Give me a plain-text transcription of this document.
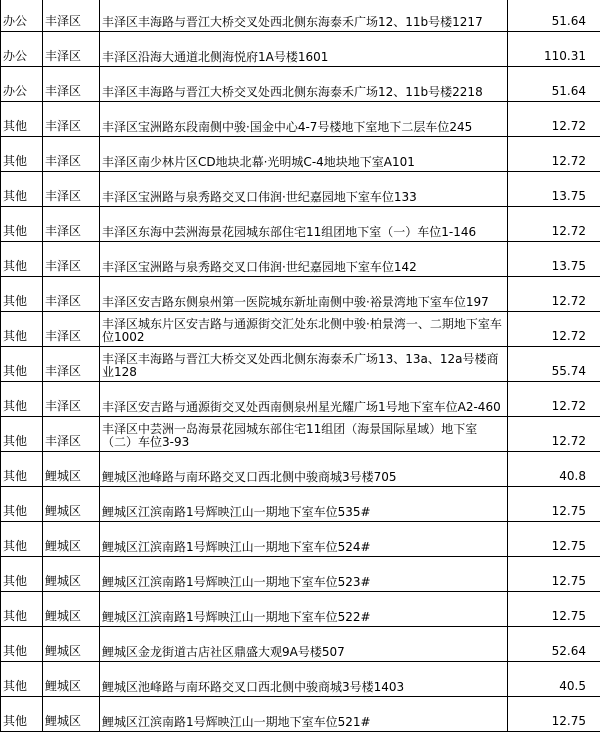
办公	丰泽区	丰泽区丰海路与晋江大桥交叉处西北侧东海泰禾广场12、11b号楼1217	51.64
办公	丰泽区	丰泽区沿海大通道北侧海悦府1A号楼1601	110.31
办公	丰泽区	丰泽区丰海路与晋江大桥交叉处西北侧东海泰禾广场12、11b号楼2218	51.64
其他	丰泽区	丰泽区宝洲路东段南侧中骏·国金中心4-7号楼地下室地下二层车位245	12.72
其他	丰泽区	丰泽区南少林片区CD地块北幕·光明城C-4地块地下室A101	12.72
其他	丰泽区	丰泽区宝洲路与泉秀路交叉口伟润·世纪嘉园地下室车位133	13.75
其他	丰泽区	丰泽区东海中芸洲海景花园城东部住宅11组团地下室（一）车位1-146	12.72
其他	丰泽区	丰泽区宝洲路与泉秀路交叉口伟润·世纪嘉园地下室车位142	13.75
其他	丰泽区	丰泽区安吉路东侧泉州第一医院城东新址南侧中骏·裕景湾地下室车位197	12.72
其他	丰泽区	丰泽区城东片区安吉路与通源街交汇处东北侧中骏·柏景湾一、二期地下室车位1002	12.72
其他	丰泽区	丰泽区丰海路与晋江大桥交叉处西北侧东海泰禾广场13、13a、12a号楼商业128	55.74
其他	丰泽区	丰泽区安吉路与通源街交叉处西南侧泉州星光耀广场1号地下室车位A2-460	12.72
其他	丰泽区	丰泽区中芸洲一岛海景花园城东部住宅11组团（海景国际星域）地下室（二）车位3-93	12.72
其他	鲤城区	鲤城区池峰路与南环路交叉口西北侧中骏商城3号楼705	40.8
其他	鲤城区	鲤城区江滨南路1号辉映江山一期地下室车位535#	12.75
其他	鲤城区	鲤城区江滨南路1号辉映江山一期地下室车位524#	12.75
其他	鲤城区	鲤城区江滨南路1号辉映江山一期地下室车位523#	12.75
其他	鲤城区	鲤城区江滨南路1号辉映江山一期地下室车位522#	12.75
其他	鲤城区	鲤城区金龙街道古店社区鼎盛大观9A号楼507	52.64
其他	鲤城区	鲤城区池峰路与南环路交叉口西北侧中骏商城3号楼1403	40.5
其他	鲤城区	鲤城区江滨南路1号辉映江山一期地下室车位521#	12.75
